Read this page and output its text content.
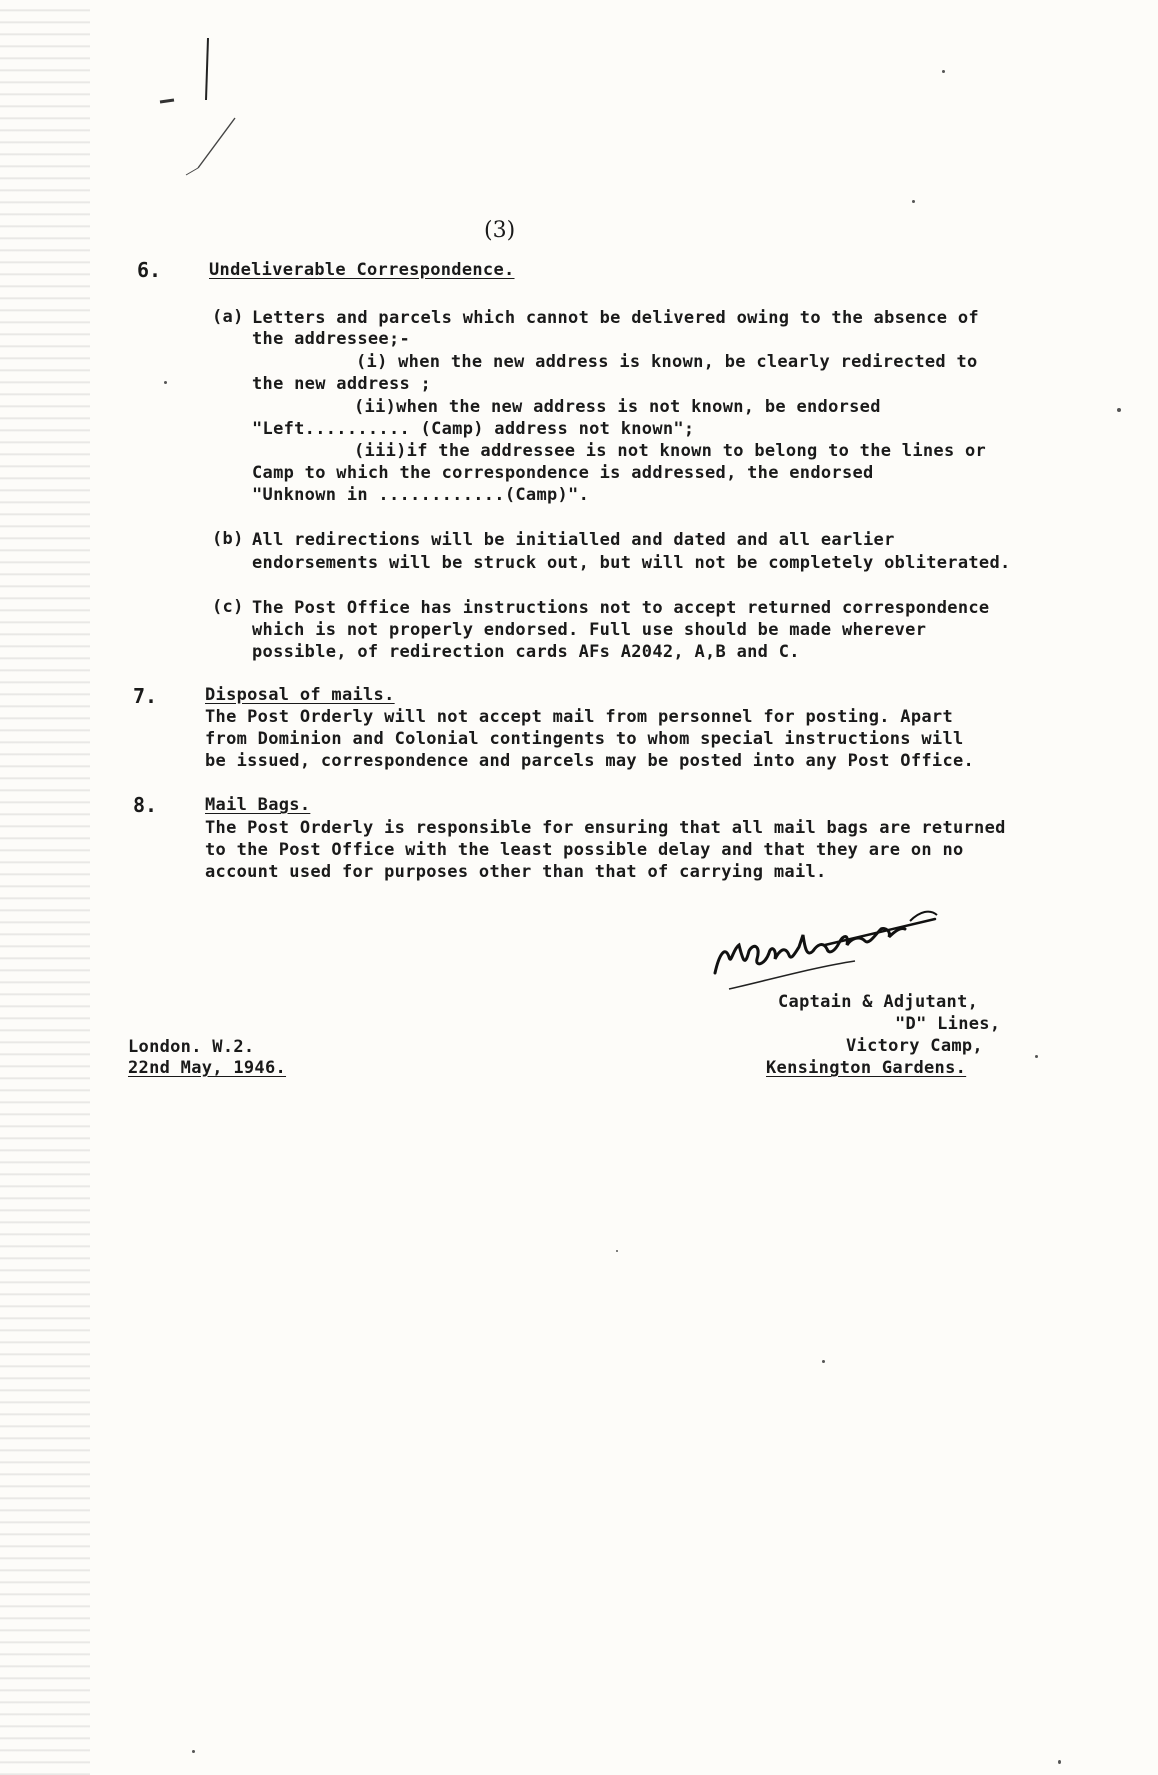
(3)
6.	Undeliverable Correspondence.
(a) Letters and parcels which cannot be delivered owing to the absence of
the addressee;-
(i) when the new address is known, be clearly redirected to
the new address ;
(ii)when the new address is not known, be endorsed
"Left.......... (Camp) address not known";
(iii)if the addressee is not known to belong to the lines or
Camp to which the correspondence is addressed, the endorsed
"Unknown in ............(Camp)".
(b) All redirections will be initialled and dated and all earlier
endorsements will be struck out, but will not be completely obliterated.
(c) The Post Office has instructions not to accept returned correspondence
which is not properly endorsed. Full use should be made wherever
possible, of redirection cards AFs A2042, A,B and C.
7.	Disposal of mails.
The Post Orderly will not accept mail from personnel for posting. Apart
from Dominion and Colonial contingents to whom special instructions will
be issued, correspondence and parcels may be posted into any Post Office.
8.	Mail Bags.
The Post Orderly is responsible for ensuring that all mail bags are returned
to the Post Office with the least possible delay and that they are on no
account used for purposes other than that of carrying mail.
Captain & Adjutant,
"D" Lines,
Victory Camp,
Kensington Gardens.
London. W.2.
22nd May, 1946.
